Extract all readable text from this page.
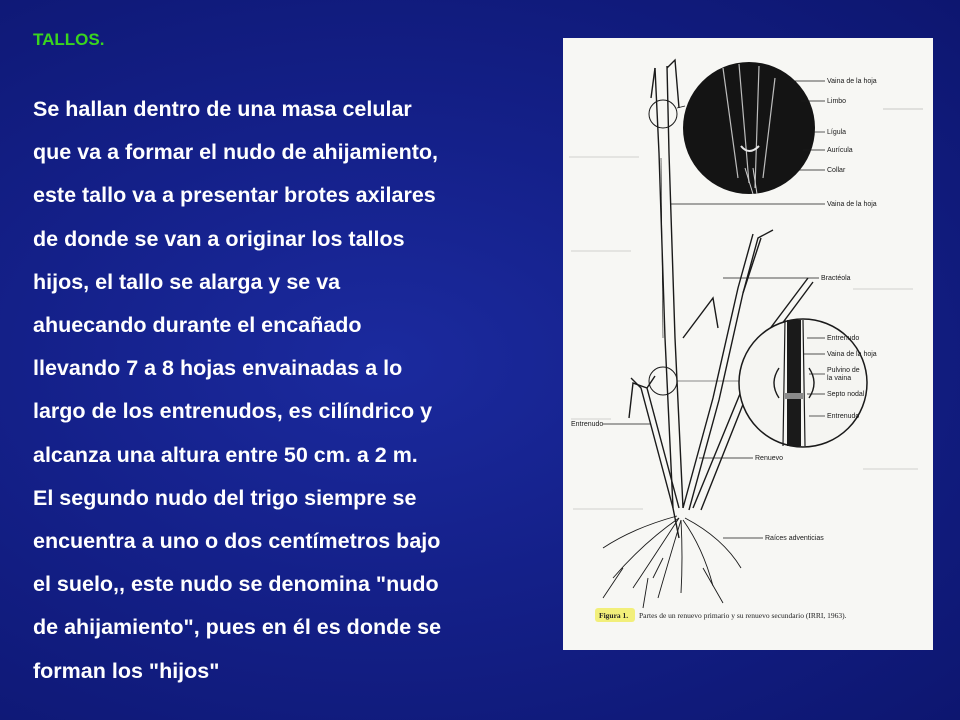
TALLOS.
Se hallan dentro de una masa celular
que va a formar el nudo de ahijamiento,
este tallo va a presentar brotes axilares
de donde se van a originar los tallos
hijos, el tallo se alarga y se va
ahuecando durante el encañado
llevando 7 a 8 hojas envainadas a lo
largo de los entrenudos, es cilíndrico y
alcanza una altura entre 50 cm. a 2 m.
El segundo nudo del trigo siempre se
encuentra a uno o dos centímetros bajo
el suelo,, este nudo se denomina "nudo
de ahijamiento", pues en él es donde se
forman los "hijos"
Vaina de la hoja
Limbo
Lígula
Aurícula
Collar
Vaina de la hoja
Bractéola
Entrenudo
Vaina de la hoja
Pulvino de
la vaina
Septo nodal
Entrenudo
Entrenudo
Renuevo
Raíces adventicias
Figura 1. Partes de un renuevo primario y su renuevo secundario (IRRI, 1963).
